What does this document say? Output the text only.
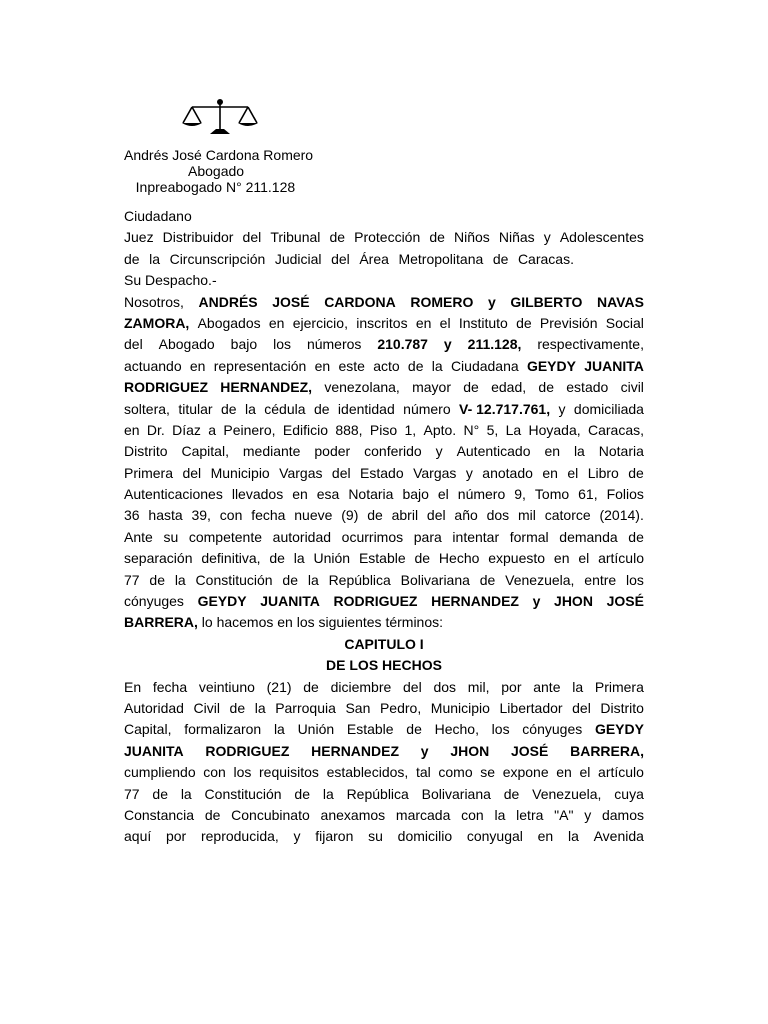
Andrés José Cardona Romero
Abogado
Inpreabogado N° 211.128
Ciudadano
Juez Distribuidor del Tribunal de Protección de Niños Niñas y Adolescentes
de la Circunscripción Judicial del Área Metropolitana de Caracas.
Su Despacho.-
Nosotros, ANDRÉS JOSÉ CARDONA ROMERO y GILBERTO NAVAS
ZAMORA, Abogados en ejercicio, inscritos en el Instituto de Previsión Social
del Abogado bajo los números 210.787 y 211.128, respectivamente,
actuando en representación en este acto de la Ciudadana GEYDY JUANITA
RODRIGUEZ HERNANDEZ, venezolana, mayor de edad, de estado civil
soltera, titular de la cédula de identidad número V- 12.717.761, y domiciliada
en Dr. Díaz a Peinero, Edificio 888, Piso 1, Apto. N° 5, La Hoyada, Caracas,
Distrito Capital, mediante poder conferido y Autenticado en la Notaria
Primera del Municipio Vargas del Estado Vargas y anotado en el Libro de
Autenticaciones llevados en esa Notaria bajo el número 9, Tomo 61, Folios
36 hasta 39, con fecha nueve (9) de abril del año dos mil catorce (2014).
Ante su competente autoridad ocurrimos para intentar formal demanda de
separación definitiva, de la Unión Estable de Hecho expuesto en el artículo
77 de la Constitución de la República Bolivariana de Venezuela, entre los
cónyuges GEYDY JUANITA RODRIGUEZ HERNANDEZ y JHON JOSÉ
BARRERA, lo hacemos en los siguientes términos:
CAPITULO I
DE LOS HECHOS
En fecha veintiuno (21) de diciembre del dos mil, por ante la Primera
Autoridad Civil de la Parroquia San Pedro, Municipio Libertador del Distrito
Capital, formalizaron la Unión Estable de Hecho, los cónyuges GEYDY
JUANITA RODRIGUEZ HERNANDEZ y JHON JOSÉ BARRERA,
cumpliendo con los requisitos establecidos, tal como se expone en el artículo
77 de la Constitución de la República Bolivariana de Venezuela, cuya
Constancia de Concubinato anexamos marcada con la letra "A" y damos
aquí por reproducida, y fijaron su domicilio conyugal en la Avenida
